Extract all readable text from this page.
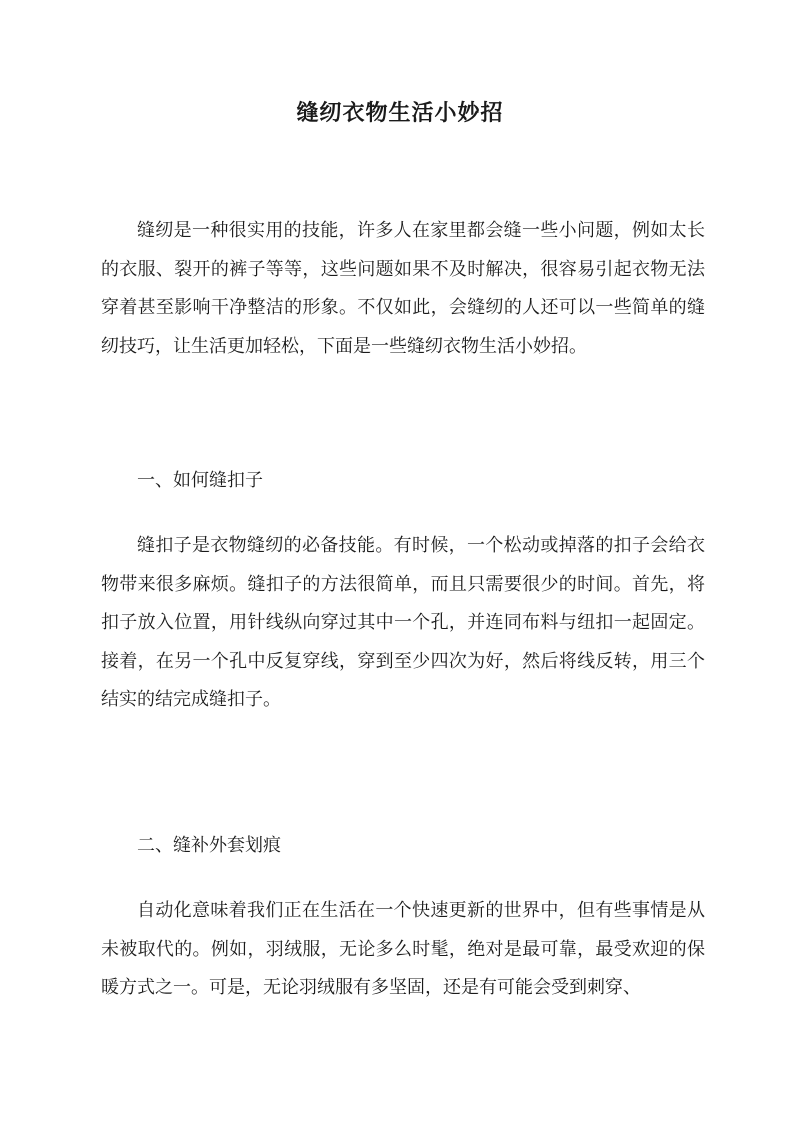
缝纫衣物生活小妙招

缝纫是一种很实用的技能，许多人在家里都会缝一些小问题，例如太长的衣服、裂开的裤子等等，这些问题如果不及时解决，很容易引起衣物无法穿着甚至影响干净整洁的形象。不仅如此，会缝纫的人还可以一些简单的缝纫技巧，让生活更加轻松，下面是一些缝纫衣物生活小妙招。

一、如何缝扣子

缝扣子是衣物缝纫的必备技能。有时候，一个松动或掉落的扣子会给衣物带来很多麻烦。缝扣子的方法很简单，而且只需要很少的时间。首先，将扣子放入位置，用针线纵向穿过其中一个孔，并连同布料与纽扣一起固定。接着，在另一个孔中反复穿线，穿到至少四次为好，然后将线反转，用三个结实的结完成缝扣子。

二、缝补外套划痕

自动化意味着我们正在生活在一个快速更新的世界中，但有些事情是从未被取代的。例如，羽绒服，无论多么时髦，绝对是最可靠，最受欢迎的保暖方式之一。可是，无论羽绒服有多坚固，还是有可能会受到刺穿、
